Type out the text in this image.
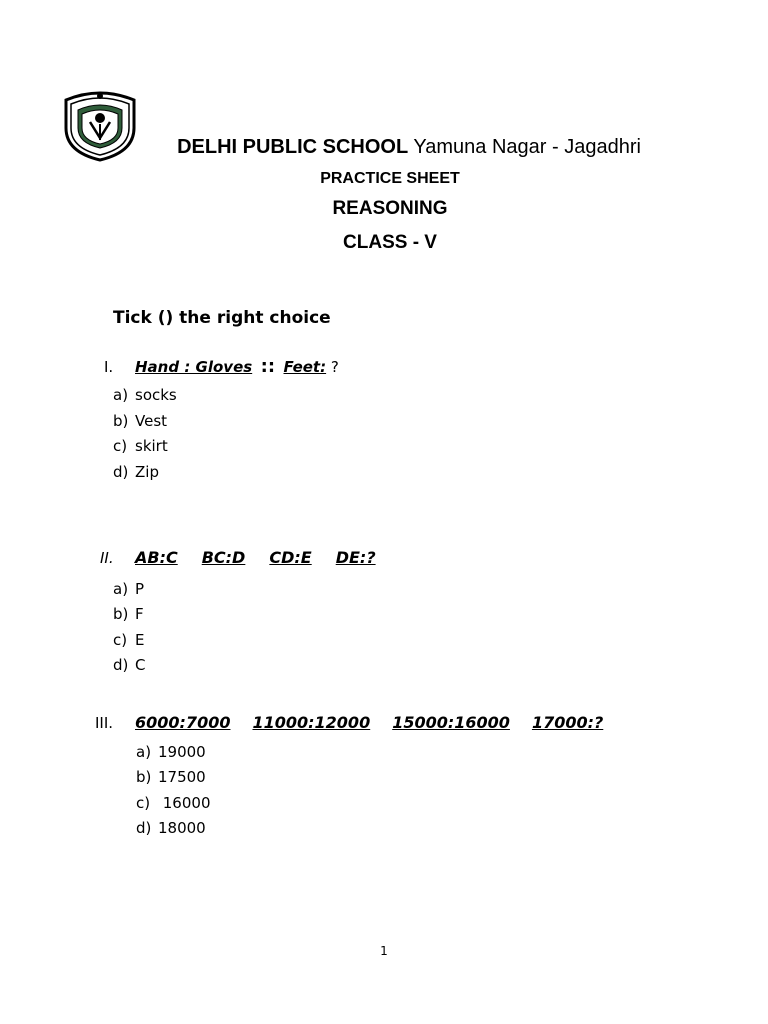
DELHI PUBLIC SCHOOL Yamuna Nagar - Jagadhri
PRACTICE SHEET
REASONING
CLASS - V
Tick () the right choice
I. Hand : Gloves :: Feet: ?
a) socks
b) Vest
c) skirt
d) Zip
II. AB:C BC:D CD:E DE:?
a) P
b) F
c) E
d) C
III. 6000:7000 11000:12000 15000:16000 17000:?
a) 19000
b) 17500
c) 16000
d) 18000
1
